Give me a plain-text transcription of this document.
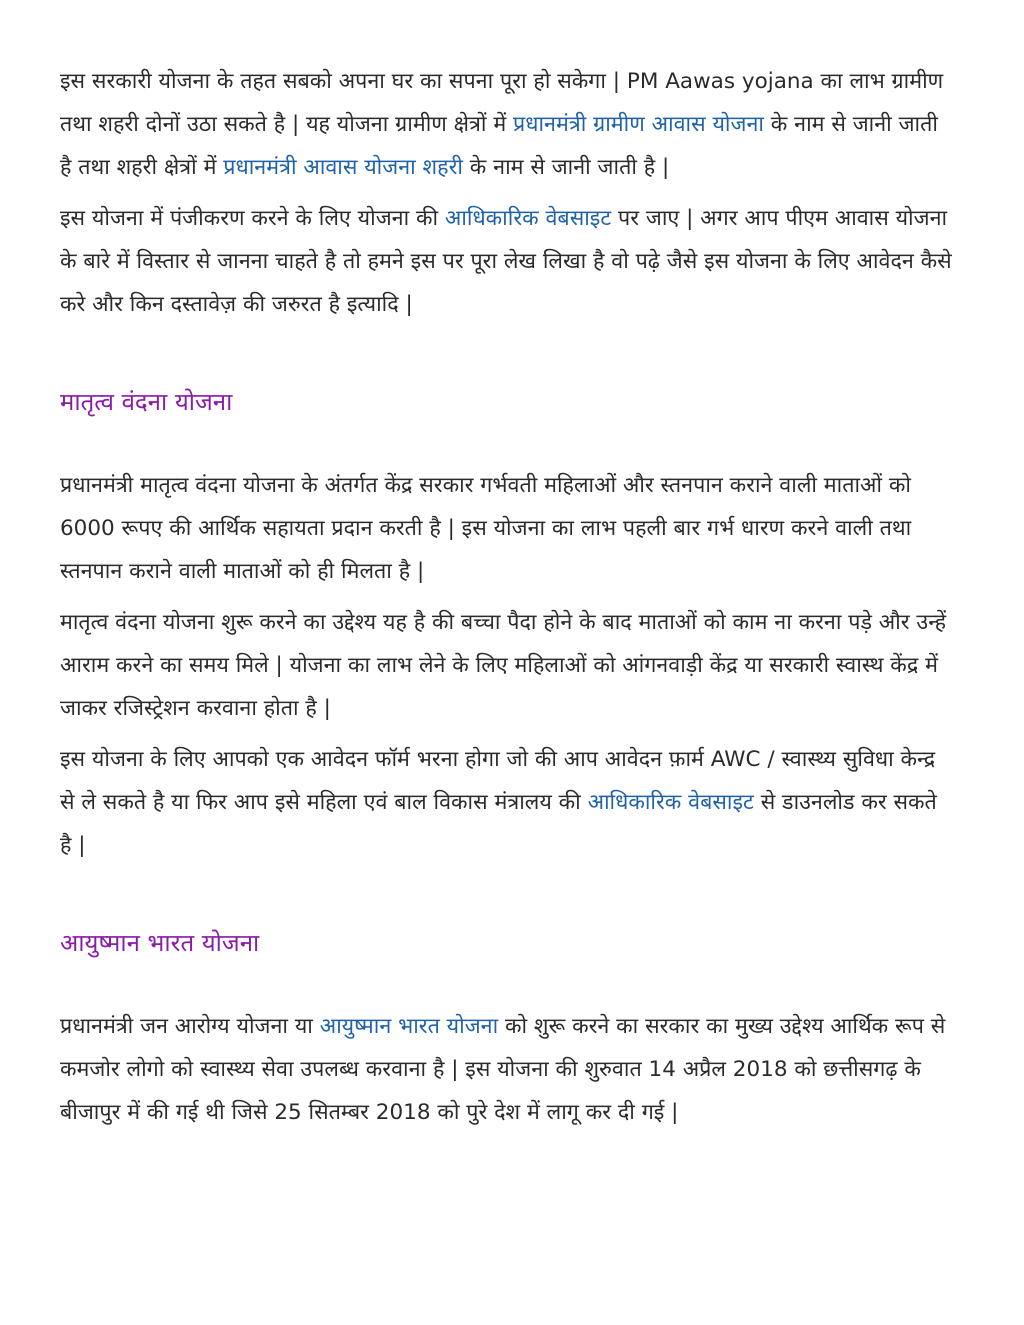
इस सरकारी योजना के तहत सबको अपना घर का सपना पूरा हो सकेगा | PM Aawas yojana का लाभ ग्रामीण तथा शहरी दोनों उठा सकते है | यह योजना ग्रामीण क्षेत्रों में प्रधानमंत्री ग्रामीण आवास योजना के नाम से जानी जाती है तथा शहरी क्षेत्रों में प्रधानमंत्री आवास योजना शहरी के नाम से जानी जाती है |

इस योजना में पंजीकरण करने के लिए योजना की आधिकारिक वेबसाइट पर जाए | अगर आप पीएम आवास योजना के बारे में विस्तार से जानना चाहते है तो हमने इस पर पूरा लेख लिखा है वो पढ़े जैसे इस योजना के लिए आवेदन कैसे करे और किन दस्तावेज़ की जरुरत है इत्यादि |

मातृत्व वंदना योजना

प्रधानमंत्री मातृत्व वंदना योजना के अंतर्गत केंद्र सरकार गर्भवती महिलाओं और स्तनपान कराने वाली माताओं को 6000 रूपए की आर्थिक सहायता प्रदान करती है | इस योजना का लाभ पहली बार गर्भ धारण करने वाली तथा स्तनपान कराने वाली माताओं को ही मिलता है |

मातृत्व वंदना योजना शुरू करने का उद्देश्य यह है की बच्चा पैदा होने के बाद माताओं को काम ना करना पड़े और उन्हें आराम करने का समय मिले | योजना का लाभ लेने के लिए महिलाओं को आंगनवाड़ी केंद्र या सरकारी स्वास्थ केंद्र में जाकर रजिस्ट्रेशन करवाना होता है |

इस योजना के लिए आपको एक आवेदन फॉर्म भरना होगा जो की आप आवेदन फ़ार्म AWC / स्वास्थ्य सुविधा केन्द्र से ले सकते है या फिर आप इसे महिला एवं बाल विकास मंत्रालय की आधिकारिक वेबसाइट से डाउनलोड कर सकते है |

आयुष्मान भारत योजना

प्रधानमंत्री जन आरोग्य योजना या आयुष्मान भारत योजना को शुरू करने का सरकार का मुख्य उद्देश्य आर्थिक रूप से कमजोर लोगो को स्वास्थ्य सेवा उपलब्ध करवाना है | इस योजना की शुरुवात 14 अप्रैल 2018 को छत्तीसगढ़ के बीजापुर में की गई थी जिसे 25 सितम्बर 2018 को पुरे देश में लागू कर दी गई |
